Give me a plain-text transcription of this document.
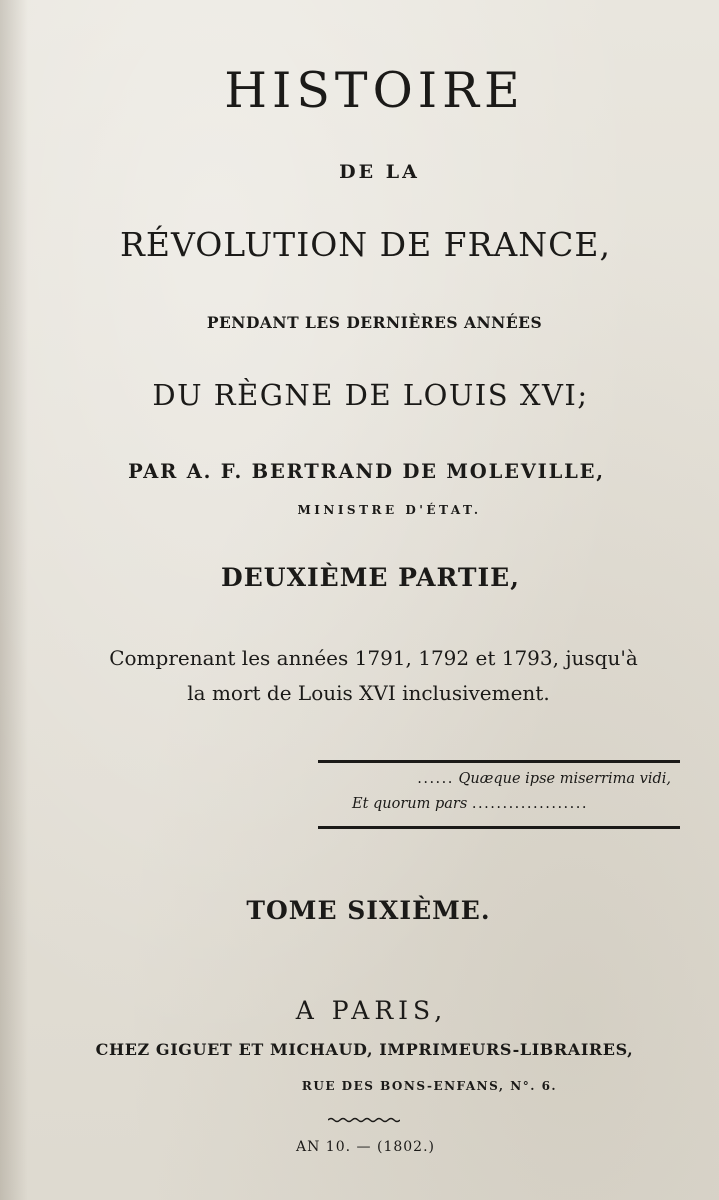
HISTOIRE
DE LA
RÉVOLUTION DE FRANCE,
PENDANT LES DERNIÈRES ANNÉES
DU RÈGNE DE LOUIS XVI;
PAR A. F. BERTRAND DE MOLEVILLE,
MINISTRE D'ÉTAT.
DEUXIÈME PARTIE,
Comprenant les années 1791, 1792 et 1793, jusqu'à
la mort de Louis XVI inclusivement.
...... Quæque ipse miserrima vidi,
Et quorum pars ...................
TOME SIXIÈME.
A PARIS,
CHEZ GIGUET ET MICHAUD, IMPRIMEURS-LIBRAIRES,
RUE DES BONS-ENFANS, N°. 6.
AN 10. — (1802.)
